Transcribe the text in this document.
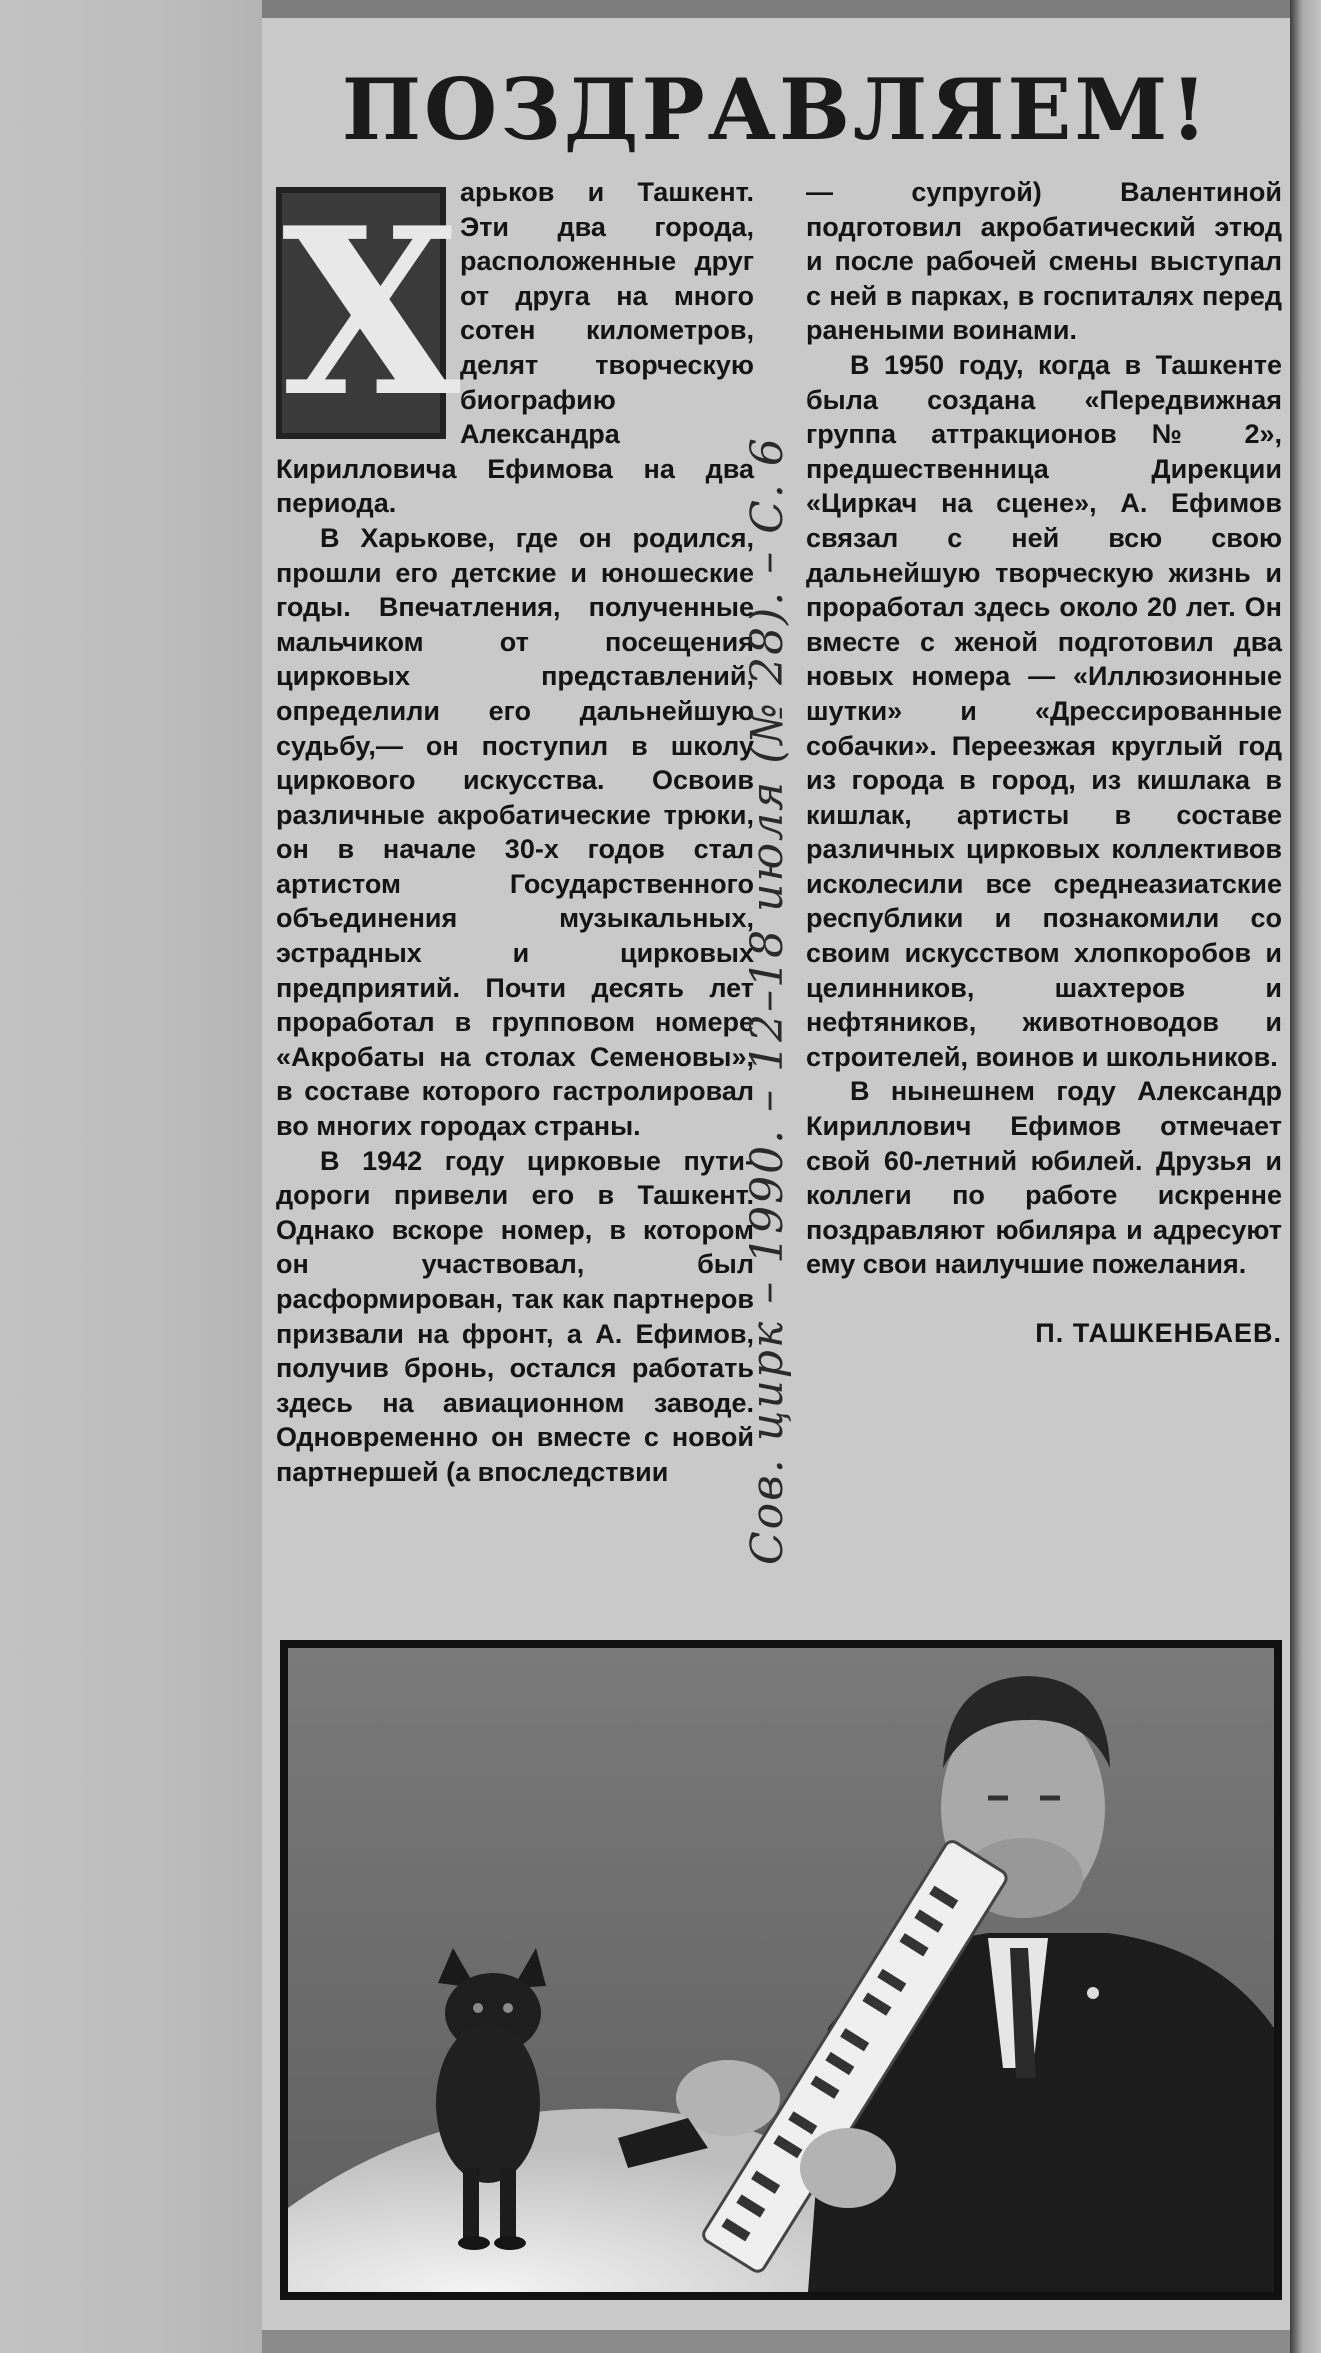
ПОЗДРАВЛЯЕМ!
Х арьков и Ташкент. Эти два города, расположенные друг от друга на много сотен километров, делят творческую биографию Александра Кирилловича Ефимова на два периода.

В Харькове, где он родился, прошли его детские и юношеские годы. Впечатления, полученные мальчиком от посещения цирковых представлений, определили его дальнейшую судьбу,— он поступил в школу циркового искусства. Освоив различные акробатические трюки, он в начале 30-х годов стал артистом Государственного объединения музыкальных, эстрадных и цирковых предприятий. Почти десять лет проработал в групповом номере «Акробаты на столах Семеновы», в составе которого гастролировал во многих городах страны.

В 1942 году цирковые пути-дороги привели его в Ташкент. Однако вскоре номер, в котором он участвовал, был расформирован, так как партнеров призвали на фронт, а А. Ефимов, получив бронь, остался работать здесь на авиационном заводе. Одновременно он вместе с новой партнершей (а впоследствии

— супругой) Валентиной подготовил акробатический этюд и после рабочей смены выступал с ней в парках, в госпиталях перед ранеными воинами.

В 1950 году, когда в Ташкенте была создана «Передвижная группа аттракционов № 2», предшественница Дирекции «Циркач на сцене», А. Ефимов связал с ней всю свою дальнейшую творческую жизнь и проработал здесь около 20 лет. Он вместе с женой подготовил два новых номера — «Иллюзионные шутки» и «Дрессированные собачки». Переезжая круглый год из города в город, из кишлака в кишлак, артисты в составе различных цирковых коллективов исколесили все среднеазиатские республики и познакомили со своим искусством хлопкоробов и целинников, шахтеров и нефтяников, животноводов и строителей, воинов и школьников.

В нынешнем году Александр Кириллович Ефимов отмечает свой 60-летний юбилей. Друзья и коллеги по работе искренне поздравляют юбиляра и адресуют ему свои наилучшие пожелания.

П. ТАШКЕНБАЕВ.

Сов. цирк – 1990. – 12–18 июля (№ 28). – С. 6
